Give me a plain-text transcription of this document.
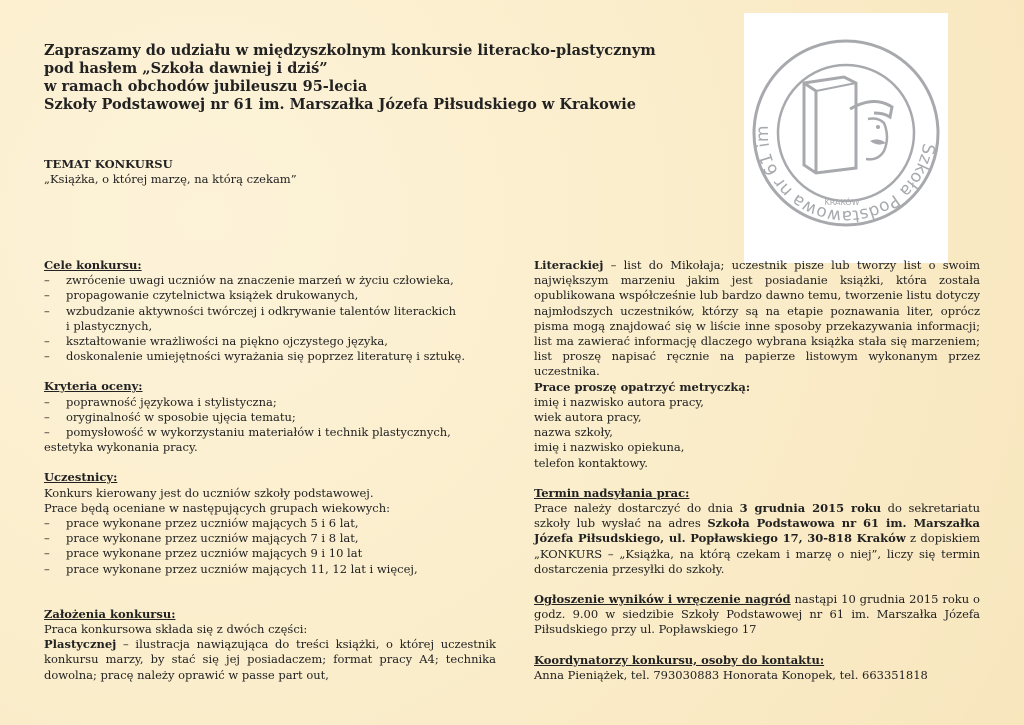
Zapraszamy do udziału w międzyszkolnym konkursie literacko-plastycznym
pod hasłem „Szkoła dawniej i dziś”
w ramach obchodów jubileuszu 95-lecia
Szkoły Podstawowej nr 61 im. Marszałka Józefa Piłsudskiego w Krakowie
TEMAT KONKURSU
„Książka, o której marzę, na którą czekam”
Szkoła Podstawowa nr 61 im
KRAKÓW
Cele konkursu:
–	zwrócenie uwagi uczniów na znaczenie marzeń w życiu człowieka,
–	propagowanie czytelnictwa książek drukowanych,
–	wzbudzanie aktywności twórczej i odkrywanie talentów literackich
i plastycznych,
–	kształtowanie wrażliwości na piękno ojczystego języka,
–	doskonalenie umiejętności wyrażania się poprzez literaturę i sztukę.
Kryteria oceny:
–	poprawność językowa i stylistyczna;
–	oryginalność w sposobie ujęcia tematu;
–	pomysłowość w wykorzystaniu materiałów i technik plastycznych,
estetyka wykonania pracy.
Uczestnicy:
Konkurs kierowany jest do uczniów szkoły podstawowej.
Prace będą oceniane w następujących grupach wiekowych:
–	prace wykonane przez uczniów mających 5 i 6 lat,
–	prace wykonane przez uczniów mających 7 i 8 lat,
–	prace wykonane przez uczniów mających 9 i 10 lat
–	prace wykonane przez uczniów mających 11, 12 lat i więcej,
Założenia konkursu:
Praca konkursowa składa się z dwóch części:

Plastycznej – ilustracja nawiązująca do treści książki, o której uczestnik konkursu marzy, by stać się jej posiadaczem; format pracy A4; technika dowolna; pracę należy oprawić w passe part out,

Literackiej – list do Mikołaja; uczestnik pisze lub tworzy list o swoim największym marzeniu jakim jest posiadanie książki, która została opublikowana współcześnie lub bardzo dawno temu, tworzenie listu dotyczy najmłodszych uczestników, którzy są na etapie poznawania liter, oprócz pisma mogą znajdować się w liście inne sposoby przekazywania informacji; list ma zawierać informację dlaczego wybrana książka stała się marzeniem; list proszę napisać ręcznie na papierze listowym wykonanym przez uczestnika.

Prace proszę opatrzyć metryczką:
imię i nazwisko autora pracy,
wiek autora pracy,
nazwa szkoły,
imię i nazwisko opiekuna,
telefon kontaktowy.
Termin nadsyłania prac:

Prace należy dostarczyć do dnia 3 grudnia 2015 roku do sekretariatu szkoły lub wysłać na adres Szkoła Podstawowa nr 61 im. Marszałka Józefa Piłsudskiego, ul. Popławskiego 17, 30-818 Kraków z dopiskiem „KONKURS – „Książka, na którą czekam i marzę o niej”, liczy się termin dostarczenia przesyłki do szkoły.

Ogłoszenie wyników i wręczenie nagród nastąpi 10 grudnia 2015 roku o godz. 9.00 w siedzibie Szkoły Podstawowej nr 61 im. Marszałka Józefa Piłsudskiego przy ul. Popławskiego 17

Koordynatorzy konkursu, osoby do kontaktu:
Anna Pieniążek, tel. 793030883 Honorata Konopek, tel. 663351818
